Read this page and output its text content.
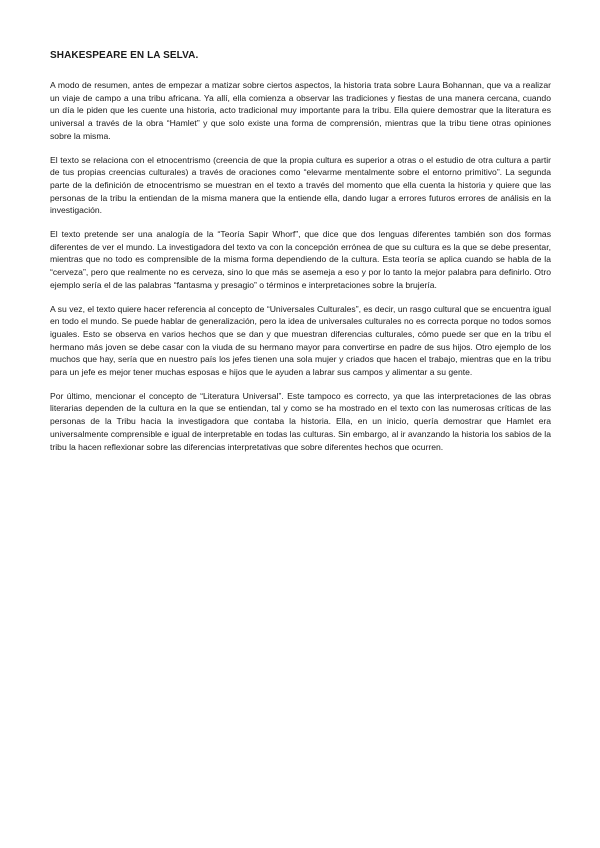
SHAKESPEARE EN LA SELVA.

A modo de resumen, antes de empezar a matizar sobre ciertos aspectos, la historia trata sobre Laura Bohannan, que va a realizar un viaje de campo a una tribu africana. Ya allí, ella comienza a observar las tradiciones y fiestas de una manera cercana, cuando un día le piden que les cuente una historia, acto tradicional muy importante para la tribu. Ella quiere demostrar que la literatura es universal a través de la obra “Hamlet” y que solo existe una forma de comprensión, mientras que la tribu tiene otras opiniones sobre la misma.

El texto se relaciona con el etnocentrismo (creencia de que la propia cultura es superior a otras o el estudio de otra cultura a partir de tus propias creencias culturales) a través de oraciones como “elevarme mentalmente sobre el entorno primitivo”. La segunda parte de la definición de etnocentrismo se muestran en el texto a través del momento que ella cuenta la historia y quiere que las personas de la tribu la entiendan de la misma manera que la entiende ella, dando lugar a errores futuros errores de análisis en la investigación.

El texto pretende ser una analogía de la “Teoría Sapir Whorf”, que dice que dos lenguas diferentes también son dos formas diferentes de ver el mundo. La investigadora del texto va con la concepción errónea de que su cultura es la que se debe presentar, mientras que no todo es comprensible de la misma forma dependiendo de la cultura. Esta teoría se aplica cuando se habla de la “cerveza”, pero que realmente no es cerveza, sino lo que más se asemeja a eso y por lo tanto la mejor palabra para definirlo. Otro ejemplo sería el de las palabras “fantasma y presagio” o términos e interpretaciones sobre la brujería.

A su vez, el texto quiere hacer referencia al concepto de “Universales Culturales”, es decir, un rasgo cultural que se encuentra igual en todo el mundo. Se puede hablar de generalización, pero la idea de universales culturales no es correcta porque no todos somos iguales. Esto se observa en varios hechos que se dan y que muestran diferencias culturales, cómo puede ser que en la tribu el hermano más joven se debe casar con la viuda de su hermano mayor para convertirse en padre de sus hijos. Otro ejemplo de los muchos que hay, sería que en nuestro país los jefes tienen una sola mujer y criados que hacen el trabajo, mientras que en la tribu para un jefe es mejor tener muchas esposas e hijos que le ayuden a labrar sus campos y alimentar a su gente.

Por último, mencionar el concepto de “Literatura Universal”. Este tampoco es correcto, ya que las interpretaciones de las obras literarias dependen de la cultura en la que se entiendan, tal y como se ha mostrado en el texto con las numerosas críticas de las personas de la Tribu hacia la investigadora que contaba la historia. Ella, en un inicio, quería demostrar que Hamlet era universalmente comprensible e igual de interpretable en todas las culturas. Sin embargo, al ir avanzando la historia los sabios de la tribu la hacen reflexionar sobre las diferencias interpretativas que sobre diferentes hechos que ocurren.
